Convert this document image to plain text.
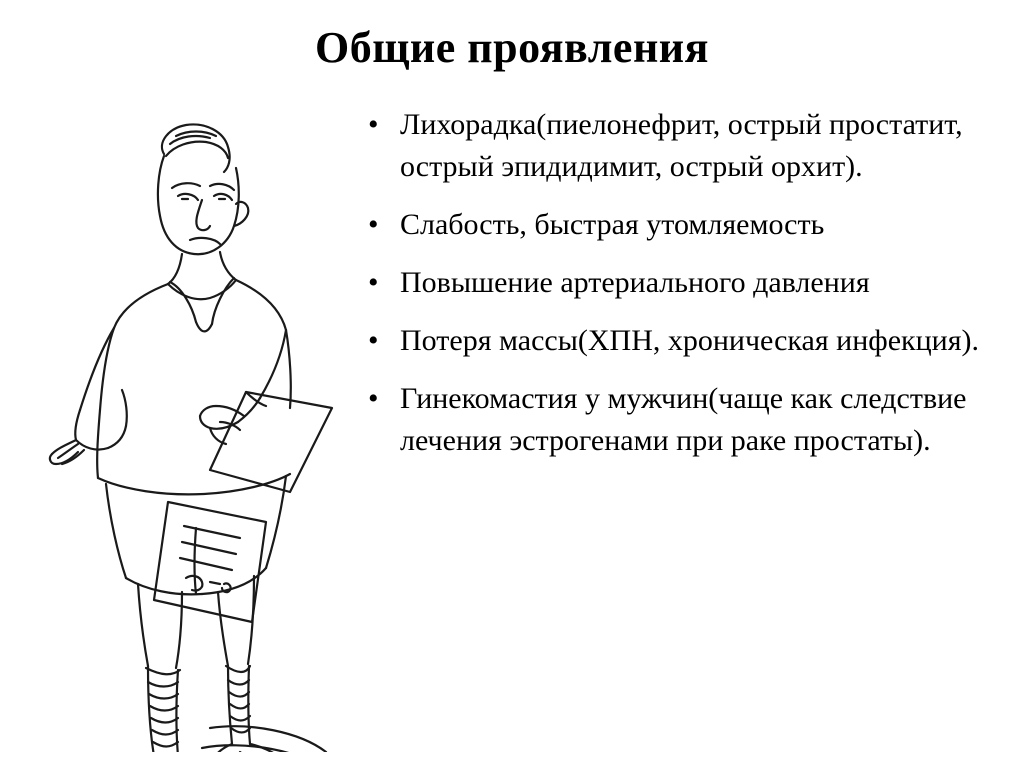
Общие проявления
• Лихорадка(пиелонефрит, острый простатит, острый эпидидимит, острый орхит).
• Слабость, быстрая утомляемость
• Повышение артериального давления
• Потеря массы(ХПН, хроническая инфекция).
• Гинекомастия у мужчин(чаще как следствие лечения эстрогенами при раке простаты).
